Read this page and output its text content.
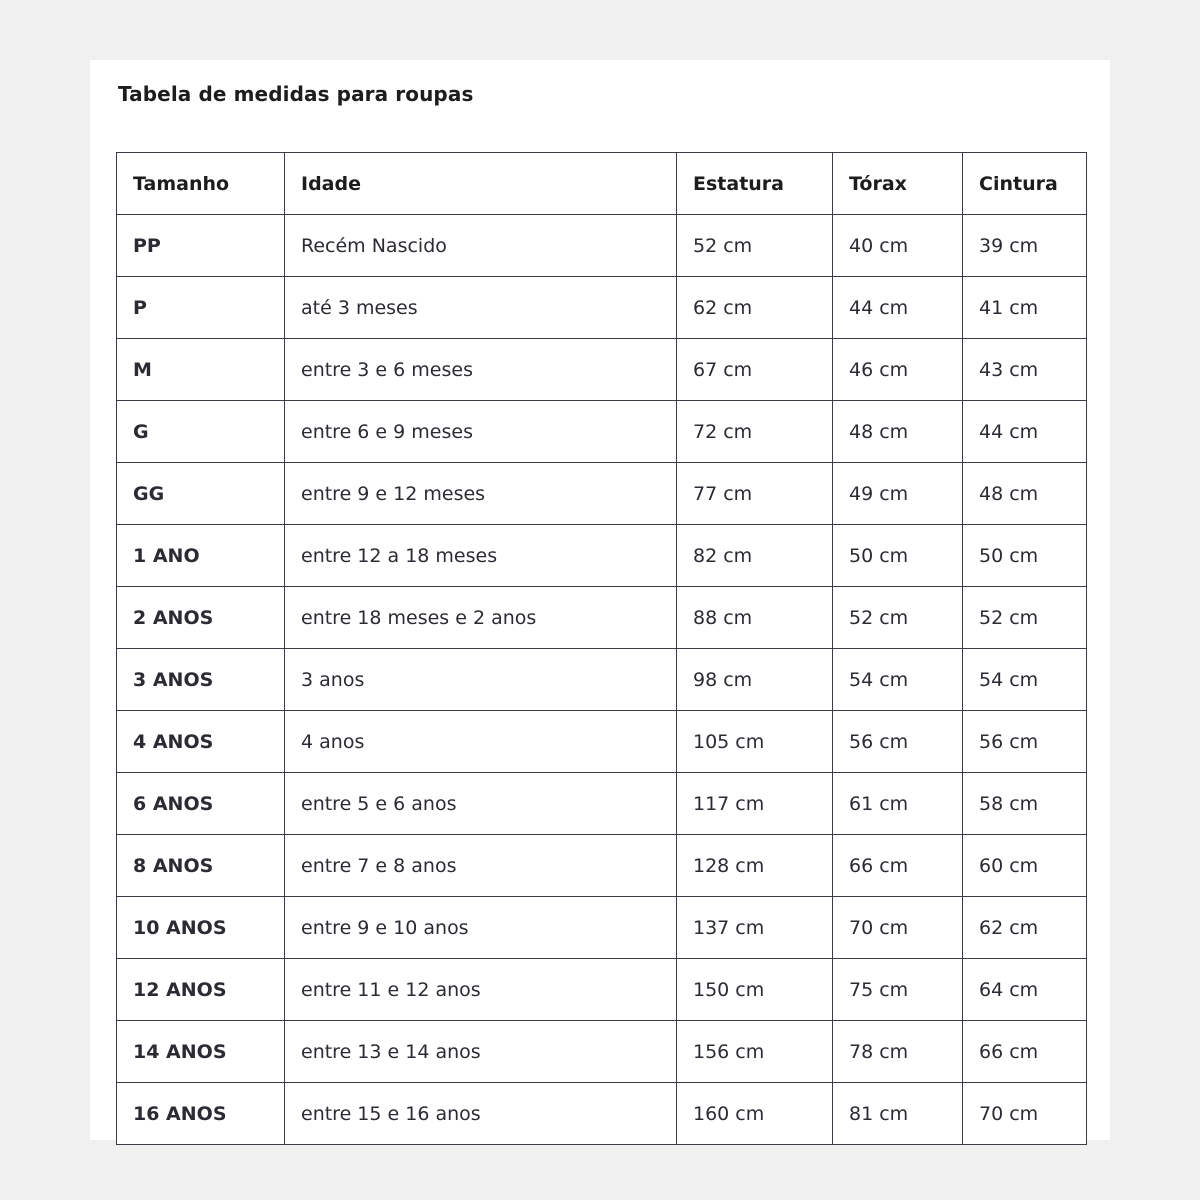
Tabela de medidas para roupas
Tamanho	Idade	Estatura	Tórax	Cintura
PP	Recém Nascido	52 cm	40 cm	39 cm
P	até 3 meses	62 cm	44 cm	41 cm
M	entre 3 e 6 meses	67 cm	46 cm	43 cm
G	entre 6 e 9 meses	72 cm	48 cm	44 cm
GG	entre 9 e 12 meses	77 cm	49 cm	48 cm
1 ANO	entre 12 a 18 meses	82 cm	50 cm	50 cm
2 ANOS	entre 18 meses e 2 anos	88 cm	52 cm	52 cm
3 ANOS	3 anos	98 cm	54 cm	54 cm
4 ANOS	4 anos	105 cm	56 cm	56 cm
6 ANOS	entre 5 e 6 anos	117 cm	61 cm	58 cm
8 ANOS	entre 7 e 8 anos	128 cm	66 cm	60 cm
10 ANOS	entre 9 e 10 anos	137 cm	70 cm	62 cm
12 ANOS	entre 11 e 12 anos	150 cm	75 cm	64 cm
14 ANOS	entre 13 e 14 anos	156 cm	78 cm	66 cm
16 ANOS	entre 15 e 16 anos	160 cm	81 cm	70 cm
